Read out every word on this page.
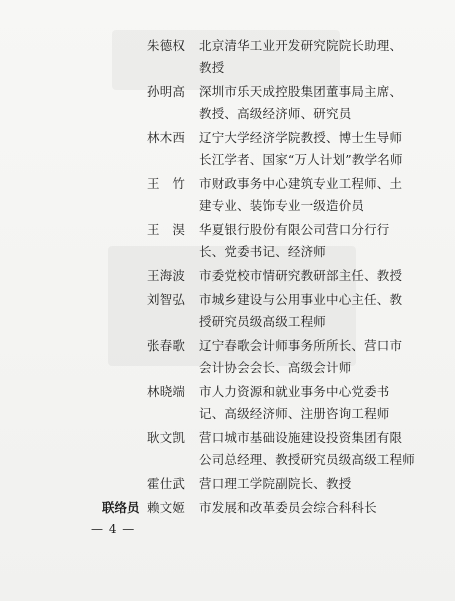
朱德权	北京清华工业开发研究院院长助理、
教授
孙明高	深圳市乐天成控股集团董事局主席、
教授、高级经济师、研究员
林木西	辽宁大学经济学院教授、博士生导师
长江学者、国家“万人计划”教学名师
王　竹	市财政事务中心建筑专业工程师、土
建专业、装饰专业一级造价员
王　淏	华夏银行股份有限公司营口分行行
长、党委书记、经济师
王海波	市委党校市情研究教研部主任、教授
刘智弘	市城乡建设与公用事业中心主任、教
授研究员级高级工程师
张春歌	辽宁春歌会计师事务所所长、营口市
会计协会会长、高级会计师
林晓端	市人力资源和就业事务中心党委书
记、高级经济师、注册咨询工程师
耿文凯	营口城市基础设施建设投资集团有限
公司总经理、教授研究员级高级工程师
霍仕武	营口理工学院副院长、教授
联络员 赖文姬	市发展和改革委员会综合科科长
— 4 —
